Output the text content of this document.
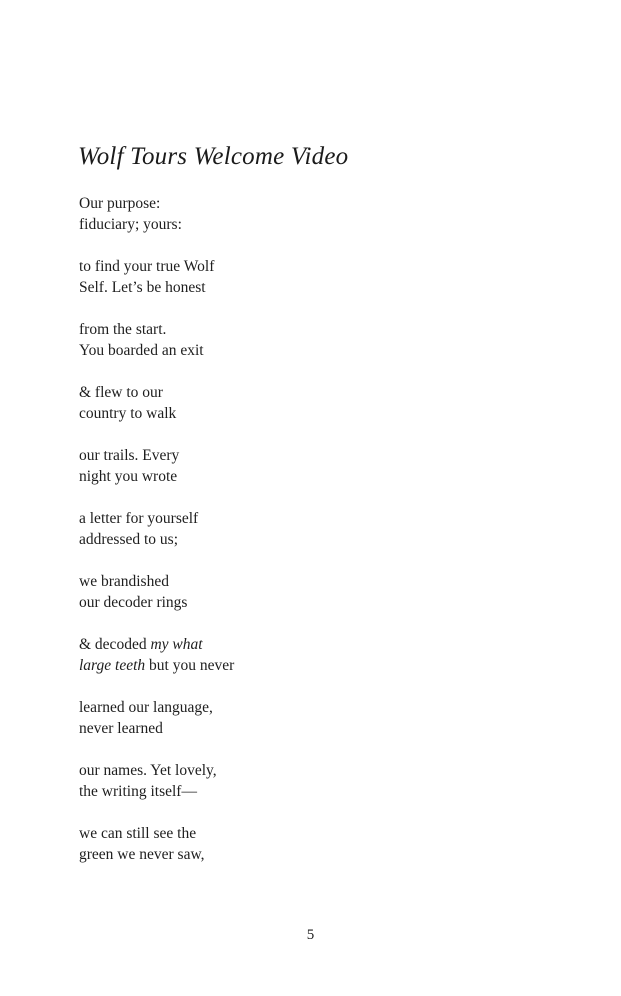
Wolf Tours Welcome Video
Our purpose:
fiduciary; yours:
to find your true Wolf
Self. Let’s be honest
from the start.
You boarded an exit
& flew to our
country to walk
our trails. Every
night you wrote
a letter for yourself
addressed to us;
we brandished
our decoder rings
& decoded my what
large teeth but you never
learned our language,
never learned
our names. Yet lovely,
the writing itself—
we can still see the
green we never saw,
5
